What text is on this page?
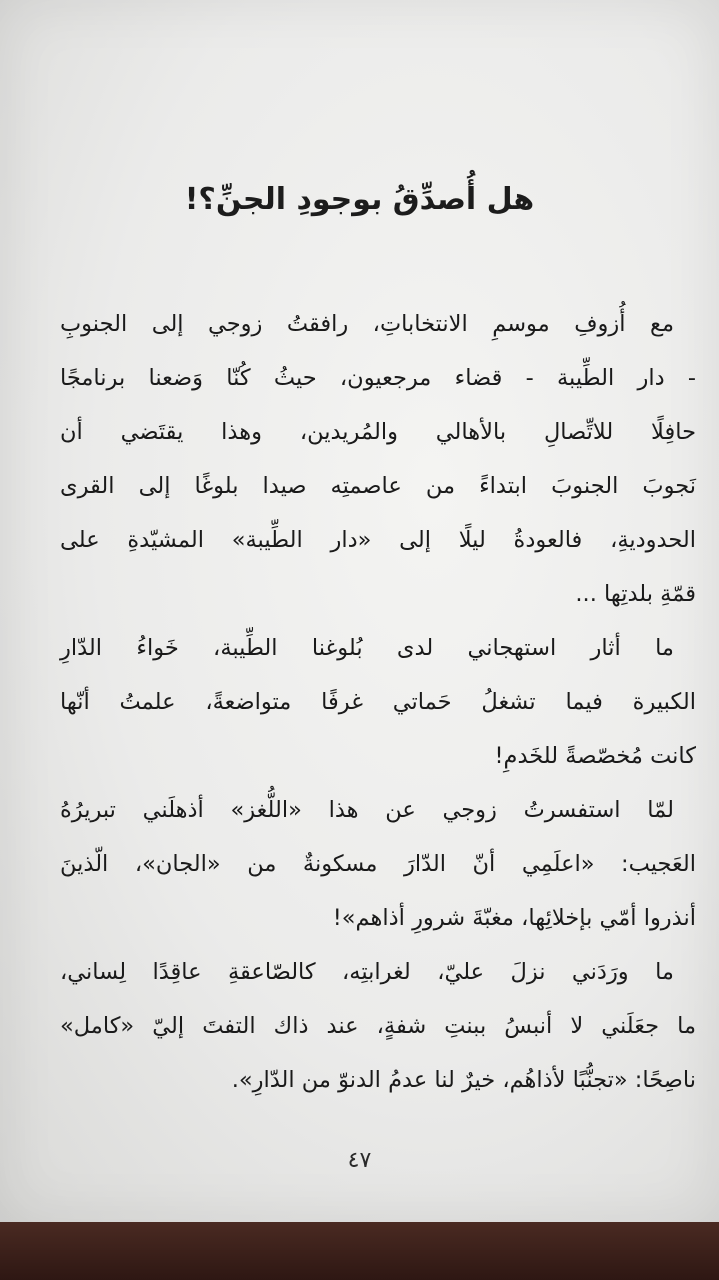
هل أُصدِّقُ بوجودِ الجنِّ؟!
مع أُزوفِ موسمِ الانتخاباتِ، رافقتُ زوجي إلى الجنوبِ
- دار الطِّيبة - قضاء مرجعيون، حيثُ كُنّا وَضعنا برنامجًا
حافِلًا للاتِّصالِ بالأهالي والمُريدين، وهذا يقتَضي أن
نَجوبَ الجنوبَ ابتداءً من عاصمتِه صيدا بلوغًا إلى القرى
الحدوديةِ، فالعودةُ ليلًا إلى «دار الطِّيبة» المشيّدةِ على
قمّةِ بلدتِها ...
ما أثار استهجاني لدى بُلوغنا الطِّيبة، خَواءُ الدّارِ
الكبيرة فيما تشغلُ حَماتي غرفًا متواضعةً، علمتُ أنّها
كانت مُخصّصةً للخَدمِ!
لمّا استفسرتُ زوجي عن هذا «اللُّغز» أذهلَني تبريرُهُ
العَجيب: «اعلَمِي أنّ الدّارَ مسكونةٌ من «الجان»، الّذينَ
أنذروا أمّي بإخلائِها، مغبّةَ شرورِ أذاهم»!
ما ورَدَني نزلَ عليّ، لغرابتِه، كالصّاعقةِ عاقِدًا لِساني،
ما جعَلَني لا أنبسُ ببنتِ شفةٍ، عند ذاك التفتَ إليّ «كامل»
ناصِحًا: «تجنُّبًا لأذاهُم، خيرٌ لنا عدمُ الدنوّ من الدّارِ».
٤٧
